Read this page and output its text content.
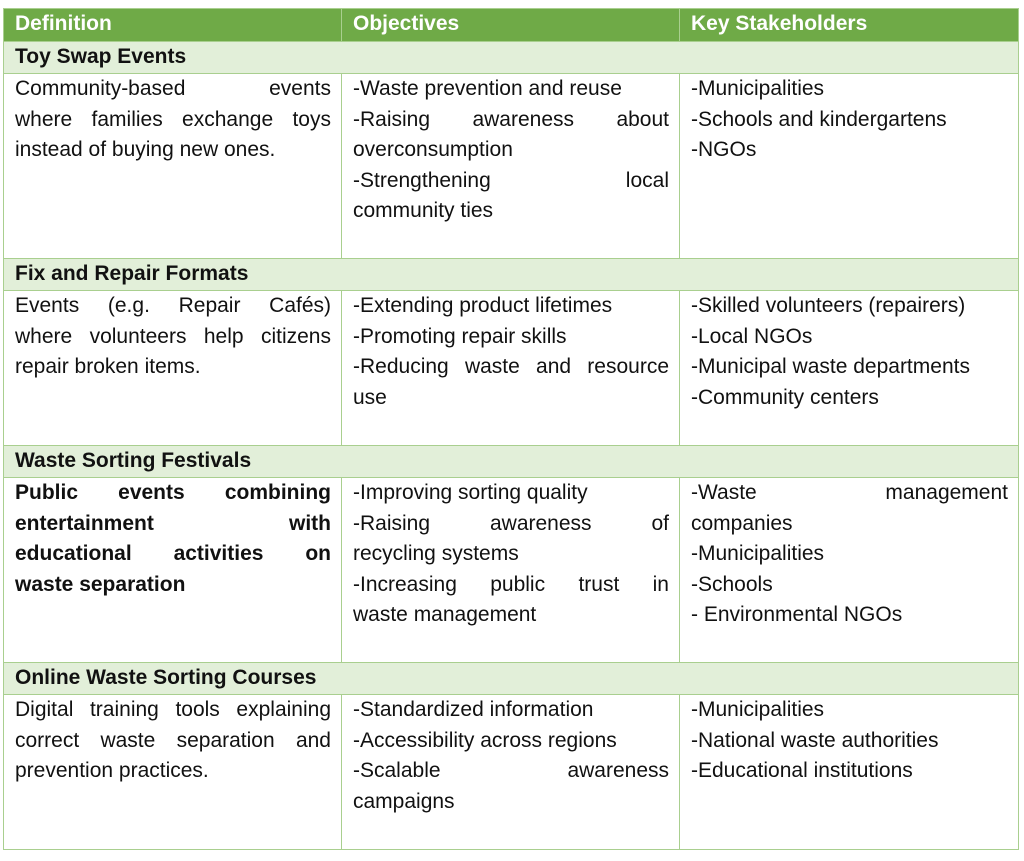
Definition	Objectives	Key Stakeholders
Toy Swap Events		

Community-based events
where families exchange toys
instead of buying new ones.	-Waste prevention and reuse
-Raising awareness about
overconsumption
-Strengthening local
community ties	-Municipalities
-Schools and kindergartens
-NGOs

Fix and Repair Formats		

Events (e.g. Repair Cafés)
where volunteers help citizens
repair broken items.	-Extending product lifetimes
-Promoting repair skills
-Reducing waste and resource
use	-Skilled volunteers (repairers)
-Local NGOs
-Municipal waste departments
-Community centers

Waste Sorting Festivals		

Public events combining
entertainment with
educational activities on
waste separation	-Improving sorting quality
-Raising awareness of
recycling systems
-Increasing public trust in
waste management	-Waste management
companies
-Municipalities
-Schools
- Environmental NGOs

Online Waste Sorting Courses		

Digital training tools explaining
correct waste separation and
prevention practices.	-Standardized information
-Accessibility across regions
-Scalable awareness
campaigns	-Municipalities
-National waste authorities
-Educational institutions
